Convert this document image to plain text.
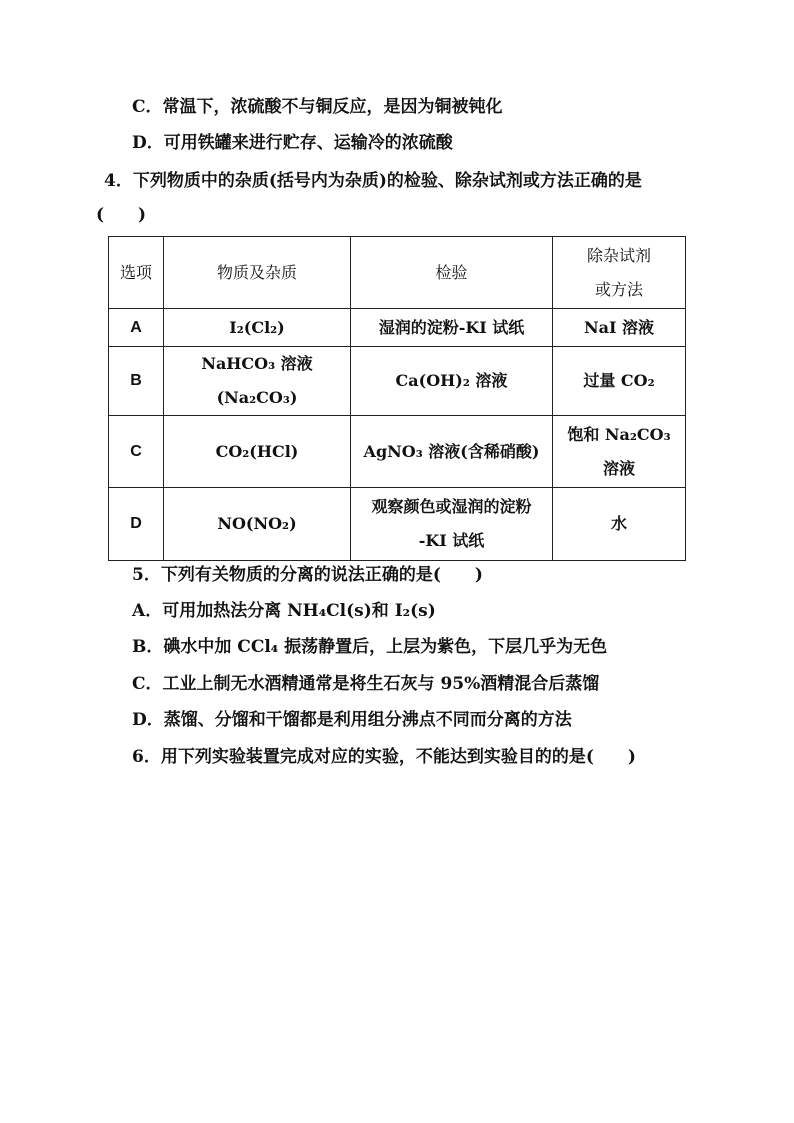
C．常温下，浓硫酸不与铜反应，是因为铜被钝化
D．可用铁罐来进行贮存、运输冷的浓硫酸
4．下列物质中的杂质(括号内为杂质)的检验、除杂试剂或方法正确的是
(　　)
选项	物质及杂质	检验	除杂试剂
或方法

A	I₂(Cl₂)	湿润的淀粉-KI 试纸	NaI 溶液
B	NaHCO₃ 溶液
(Na₂CO₃)	Ca(OH)₂ 溶液	过量 CO₂
C	CO₂(HCl)	AgNO₃ 溶液(含稀硝酸)	饱和 Na₂CO₃
溶液

D	NO(NO₂)	观察颜色或湿润的淀粉
-KI 试纸	水
5．下列有关物质的分离的说法正确的是(　　)
A．可用加热法分离 NH₄Cl(s)和 I₂(s)
B．碘水中加 CCl₄ 振荡静置后，上层为紫色，下层几乎为无色
C．工业上制无水酒精通常是将生石灰与 95%酒精混合后蒸馏
D．蒸馏、分馏和干馏都是利用组分沸点不同而分离的方法
6．用下列实验装置完成对应的实验，不能达到实验目的的是(　　)
